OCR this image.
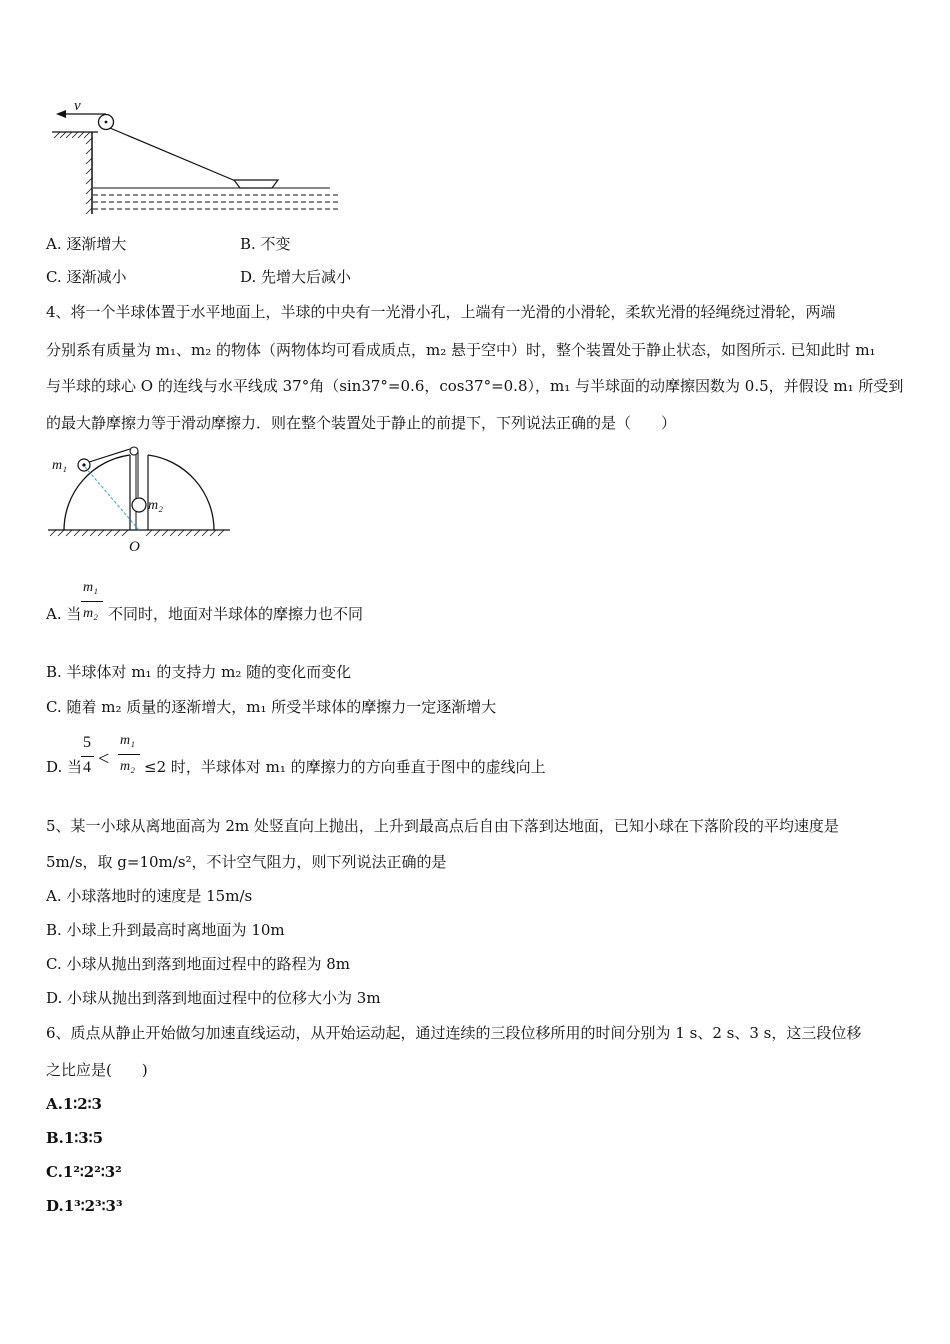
v
A. 逐渐增大	B. 不变
C. 逐渐减小	D. 先增大后减小
4、将一个半球体置于水平地面上，半球的中央有一光滑小孔，上端有一光滑的小滑轮，柔软光滑的轻绳绕过滑轮，两端
分别系有质量为 m₁、m₂ 的物体（两物体均可看成质点，m₂ 悬于空中）时，整个装置处于静止状态，如图所示. 已知此时 m₁
与半球的球心 O 的连线与水平线成 37°角（sin37°=0.6，cos37°=0.8），m₁ 与半球面的动摩擦因数为 0.5，并假设 m₁ 所受到
的最大静摩擦力等于滑动摩擦力．则在整个装置处于静止的前提下，下列说法正确的是（　　）
m₁
m₂
O
A. 当 不同时，地面对半球体的摩擦力也不同
m₁
m₂
B. 半球体对 m₁ 的支持力 m₂ 随的变化而变化
C. 随着 m₂ 质量的逐渐增大，m₁ 所受半球体的摩擦力一定逐渐增大
D. 当	≤2 时，半球体对 m₁ 的摩擦力的方向垂直于图中的虚线向上
5
4 <
m₁
m₂
5、某一小球从离地面高为 2m 处竖直向上抛出，上升到最高点后自由下落到达地面，已知小球在下落阶段的平均速度是
5m/s，取 g=10m/s²，不计空气阻力，则下列说法正确的是
A. 小球落地时的速度是 15m/s
B. 小球上升到最高时离地面为 10m
C. 小球从抛出到落到地面过程中的路程为 8m
D. 小球从抛出到落到地面过程中的位移大小为 3m
6、质点从静止开始做匀加速直线运动，从开始运动起，通过连续的三段位移所用的时间分别为 1 s、2 s、3 s，这三段位移
之比应是(　　)
A.1∶2∶3
B.1∶3∶5
C.1²∶2²∶3²
D.1³∶2³∶3³
